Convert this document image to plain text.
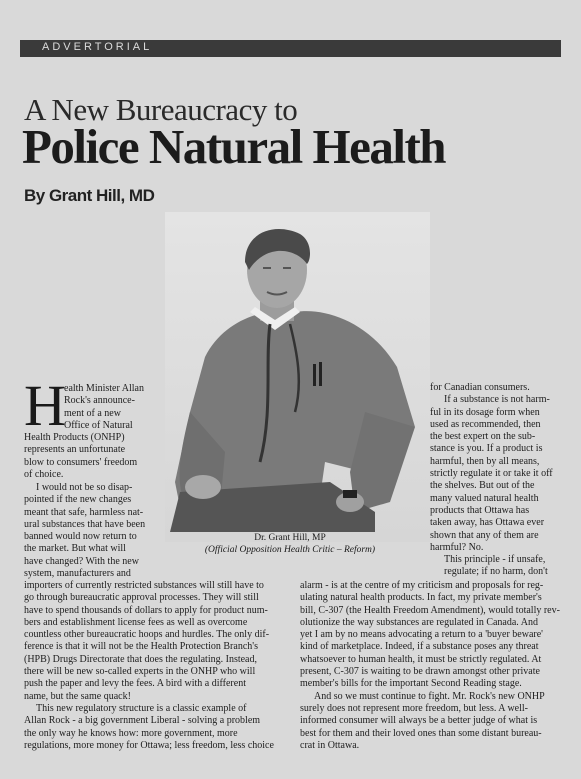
ADVERTORIAL
A New Bureaucracy to
Police Natural Health
By Grant Hill, MD
Dr. Grant Hill, MP
(Official Opposition Health Critic – Reform)
H
ealth Minister Allan
Rock's announce-
ment of a new
Office of Natural
Health Products (ONHP)
represents an unfortunate
blow to consumers' freedom
of choice.
I would not be so disap-
pointed if the new changes
meant that safe, harmless nat-
ural substances that have been
banned would now return to
the market. But what will
have changed? With the new
system, manufacturers and
importers of currently restricted substances will still have to
go through bureaucratic approval processes. They will still
have to spend thousands of dollars to apply for product num-
bers and establishment license fees as well as overcome
countless other bureaucratic hoops and hurdles. The only dif-
ference is that it will not be the Health Protection Branch's
(HPB) Drugs Directorate that does the regulating. Instead,
there will be new so-called experts in the ONHP who will
push the paper and levy the fees. A bird with a different
name, but the same quack!
This new regulatory structure is a classic example of
Allan Rock - a big government Liberal - solving a problem
the only way he knows how: more government, more
regulations, more money for Ottawa; less freedom, less choice
for Canadian consumers.
If a substance is not harm-
ful in its dosage form when
used as recommended, then
the best expert on the sub-
stance is you. If a product is
harmful, then by all means,
strictly regulate it or take it off
the shelves. But out of the
many valued natural health
products that Ottawa has
taken away, has Ottawa ever
shown that any of them are
harmful? No.
This principle - if unsafe,
regulate; if no harm, don't
alarm - is at the centre of my criticism and proposals for reg-
ulating natural health products. In fact, my private member's
bill, C-307 (the Health Freedom Amendment), would totally rev-
olutionize the way substances are regulated in Canada. And
yet I am by no means advocating a return to a 'buyer beware'
kind of marketplace. Indeed, if a substance poses any threat
whatsoever to human health, it must be strictly regulated. At
present, C-307 is waiting to be drawn amongst other private
member's bills for the important Second Reading stage.
And so we must continue to fight. Mr. Rock's new ONHP
surely does not represent more freedom, but less. A well-
informed consumer will always be a better judge of what is
best for them and their loved ones than some distant bureau-
crat in Ottawa.
